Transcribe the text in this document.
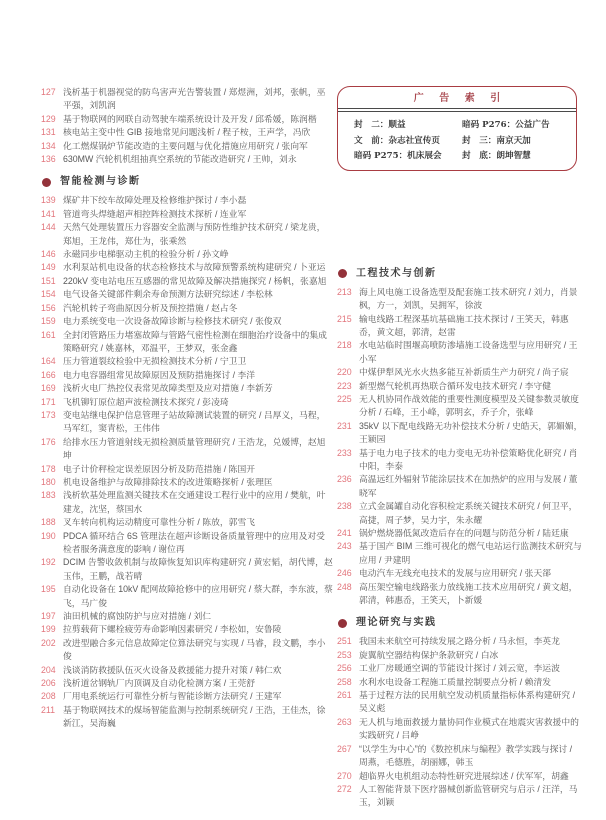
127 浅析基于机器视觉的防鸟害声光告警装置 / 郑煜洲，刘邦，张帆，巫平强，刘凯润
129 基于物联网的网联自动驾驶车端系统设计及开发 / 邱希媛，陈润楷
131 核电站主变中性 GIB 接地常见问题浅析 / 程子桉，王声学，冯欣
134 化工燃煤锅炉节能改造的主要问题与优化措施应用研究 / 张向军
136 630MW 汽轮机机组抽真空系统的节能改造研究 / 王帅，刘永
智能检测与诊断
139 煤矿井下绞车故障处理及检修维护探讨 / 李小磊
141 管道弯头焊缝超声相控阵检测技术探析 / 连业军
144 天然气处理装置压力容器安全监测与预防性维护技术研究 / 梁龙贵，郑旭，王龙伟，郑仕为，张乘然
146 永磁同步电梯驱动主机的检验分析 / 孙文峥
149 水利泵站机电设备的状态检修技术与故障预警系统构建研究 / 卜亚运
151 220kV 变电站电压互感器的常见故障及解决措施探究 / 杨帆，张嘉旭
154 电气设备关键部件剩余寿命预测方法研究综述 / 李松林
156 汽轮机转子弯曲原因分析及预控措施 / 赵占冬
159 电力系统变电一次设备故障诊断与检修技术研究 / 张俊双
161 全封闭管路压力堵塞故障与管路气密性检测在细胞治疗设备中的集成策略研究 / 姚嘉林，邓温平，王梦双，张金鑫
164 压力管道裂纹检验中无损检测技术分析 / 宁卫卫
166 电力电容器组常见故障原因及预防措施探讨 / 李洋
169 浅析火电厂热控仪表常见故障类型及应对措施 / 李新芳
171 飞机铆钉原位超声波检测技术探究 / 彭凌琦
173 变电站继电保护信息管理子站故障测试装置的研究 / 吕厚义，马程，马军红，窦青松，王伟伟
176 给排水压力管道射线无损检测质量管理研究 / 王浩龙，兑媛博，赵旭坤
178 电子计价秤检定误差原因分析及防范措施 / 陈国开
180 机电设备维护与故障排除技术的改进策略探析 / 张理匡
183 浅析软基处理监测关键技术在交通建设工程行业中的应用 / 樊航，叶建龙，沈坚，蔡国水
188 叉车转向机构运动精度可靠性分析 / 陈放，郭雪飞
190 PDCA 循环结合 6S 管理法在超声诊断设备质量管理中的应用及对受检者服务满意度的影响 / 谢位再
192 DCIM 告警收敛机制与故障恢复知识库构建研究 / 黄宏韬，胡代博，赵玉伟，王鹏，战若晴
195 自动化设备在 10kV 配网故障抢修中的应用研究 / 蔡大群，李东波，蔡飞，马广俊
197 油田机械的腐蚀防护与应对措施 / 刘仁
199 拉剪载荷下螺栓疲劳寿命影响因素研究 / 李松如，安鲁陵
202 改进型融合多元信息故障定位算法研究与实现 / 马睿，段文鹏，李小俊
204 浅谈消防救援队伍灭火设备及救援能力提升对策 / 韩仁欢
206 浅析道岔钢轨厂内顶调及自动化检测方案 / 王莞舒
208 厂用电系统运行可靠性分析与智能诊断方法研究 / 王建军
211 基于物联网技术的煤场智能监测与控制系统研究 / 王浩，王佳杰，徐新江，吴海巍
广 告 索 引
封　二：顺益	暗码 P276：公益广告
文　前：杂志社宣传页	封　三：南京天加
暗码 P275：机床展会	封　底：朗坤智慧
工程技术与创新
213 海上风电施工设备选型及配套施工技术研究 / 刘力，肖景枫，方一，刘凯，吴拥军，徐波
215 输电线路工程深基坑基础施工技术探讨 / 王笑天，韩惠岙，黄文超，郭清，赵雷
218 水电站临时围堰高喷防渗墙施工设备选型与应用研究 / 王小军
220 中煤伊犁风光水火热多能互补新质生产力研究 / 尚子宸
223 新型燃气轮机再热联合循环发电技术研究 / 李守健
225 无人机协同作战效能的重要性测度模型及关键参数灵敏度分析 / 石峰，王小峰，郭明玄，乔子介，张峰
231 35kV 以下配电线路无功补偿技术分析 / 史皓天，郭媚媚，王颖园
233 基于电力电子技术的电力变电无功补偿策略优化研究 / 肖中阳，李泰
236 高温远红外辐射节能涂层技术在加热炉的应用与发展 / 董晓军
238 立式金属罐自动化容积检定系统关键技术研究 / 何卫平，高捷，周子梦，吴力宇，朱永耀
241 锅炉燃烧器低氮改造后存在的问题与防范分析 / 陆廷康
243 基于国产 BIM 三维可视化的燃气电站运行监测技术研究与应用 / 尹建明
246 电动汽车无线充电技术的发展与应用研究 / 张天郤
248 高压架空输电线路张力放线施工技术应用研究 / 黄文超，郭清，韩惠岙，王笑天，卜新媛
理论研究与实践
251 我国未来航空可持续发展之路分析 / 马永恒，李英龙
253 旋翼航空器结构保护条款研究 / 白冰
256 工业厂房暖通空调的节能设计探讨 / 刘云宽，李运波
258 水利水电设备工程施工质量控制要点分析 / 赖清发
261 基于过程方法的民用航空发动机质量指标体系构建研究 / 吴义彪
263 无人机与地面救援力量协同作业模式在地震灾害救援中的实践研究 / 吕峥
267 “以学生为中心”的《数控机床与编程》教学实践与探讨 / 周燕，毛德胜，胡丽娜，韩玉
270 超临界火电机组动态特性研究进展综述 / 伏军军，胡鑫
272 人工智能背景下医疗器械创新监管研究与启示 / 汪洋，马玉，刘颖
